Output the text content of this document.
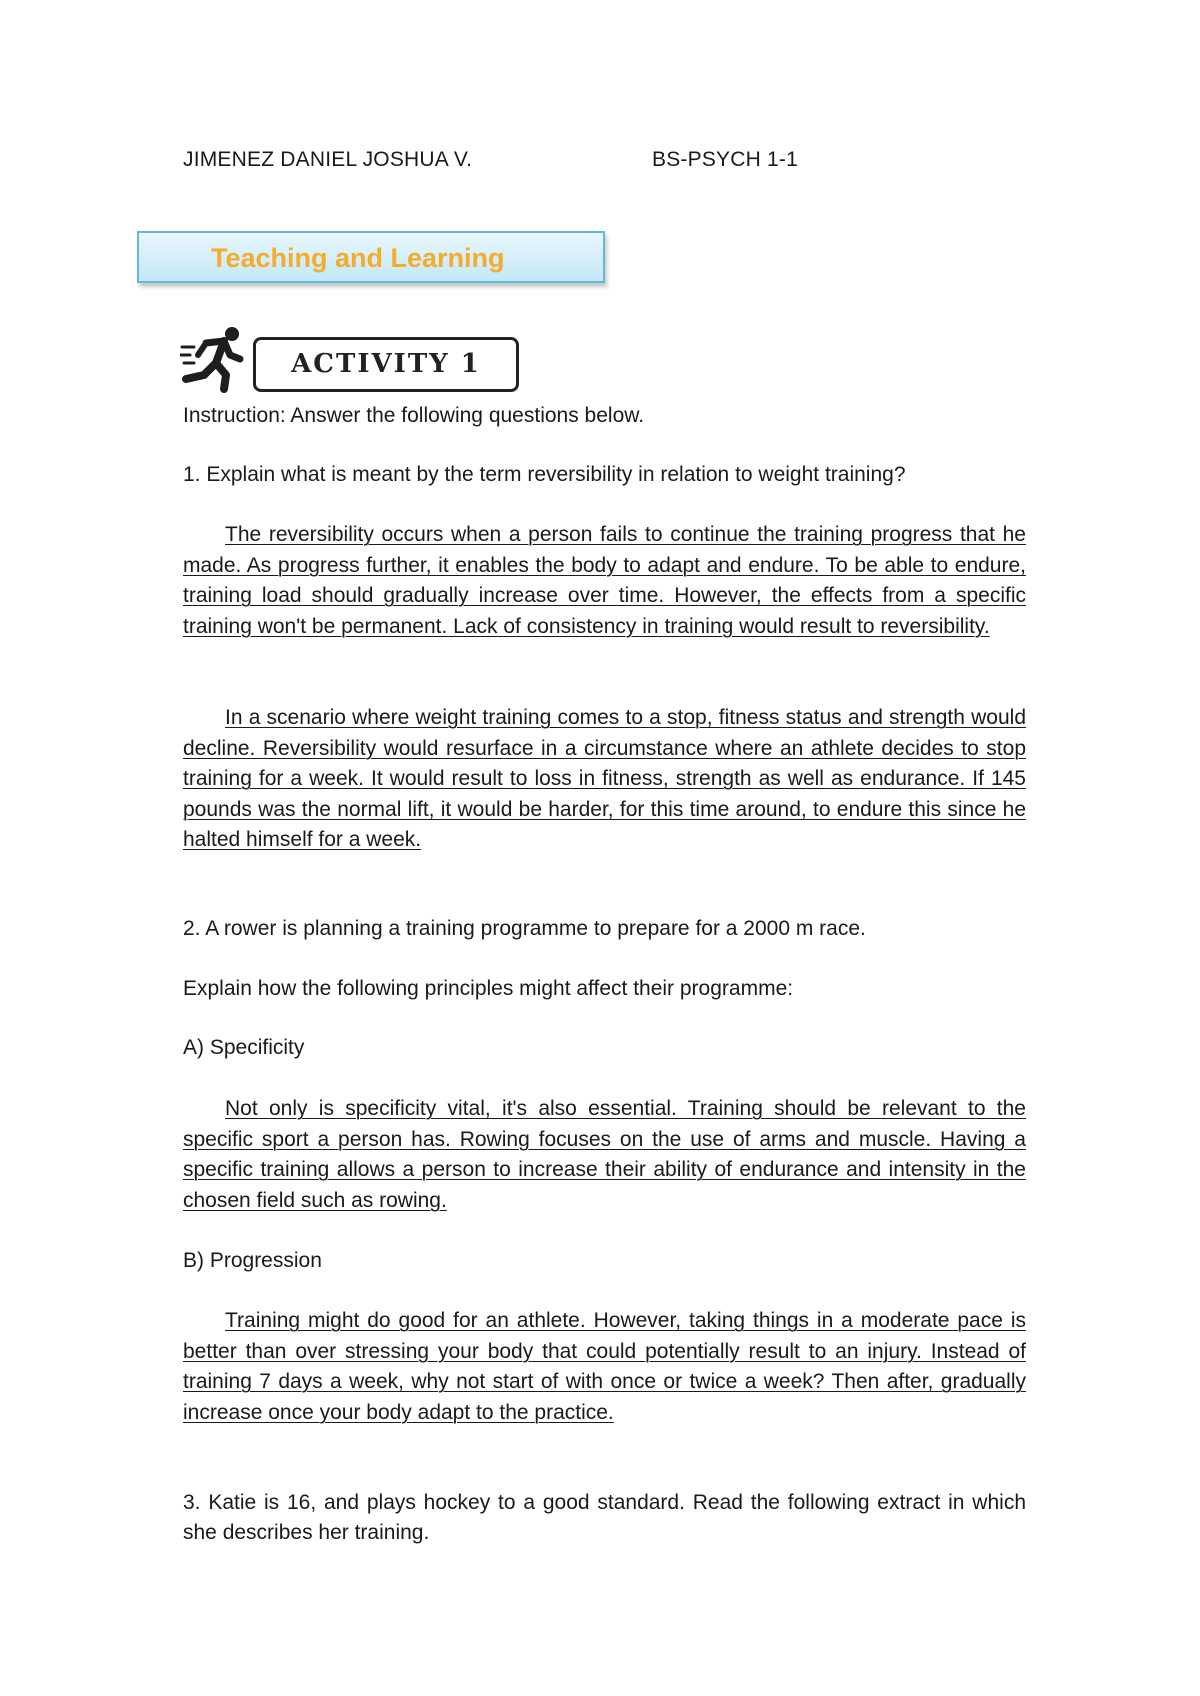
JIMENEZ DANIEL JOSHUA V.	BS-PSYCH 1-1
Teaching and Learning
ACTIVITY 1
Instruction: Answer the following questions below.
1. Explain what is meant by the term reversibility in relation to weight training?
The reversibility occurs when a person fails to continue the training progress that he made. As progress further, it enables the body to adapt and endure. To be able to endure, training load should gradually increase over time. However, the effects from a specific training won't be permanent. Lack of consistency in training would result to reversibility.
In a scenario where weight training comes to a stop, fitness status and strength would decline. Reversibility would resurface in a circumstance where an athlete decides to stop training for a week. It would result to loss in fitness, strength as well as endurance. If 145 pounds was the normal lift, it would be harder, for this time around, to endure this since he halted himself for a week.
2. A rower is planning a training programme to prepare for a 2000 m race.
Explain how the following principles might affect their programme:
A) Specificity
Not only is specificity vital, it's also essential. Training should be relevant to the specific sport a person has. Rowing focuses on the use of arms and muscle. Having a specific training allows a person to increase their ability of endurance and intensity in the chosen field such as rowing.
B) Progression
Training might do good for an athlete. However, taking things in a moderate pace is better than over stressing your body that could potentially result to an injury. Instead of training 7 days a week, why not start of with once or twice a week? Then after, gradually increase once your body adapt to the practice.
3. Katie is 16, and plays hockey to a good standard. Read the following extract in which she describes her training.
